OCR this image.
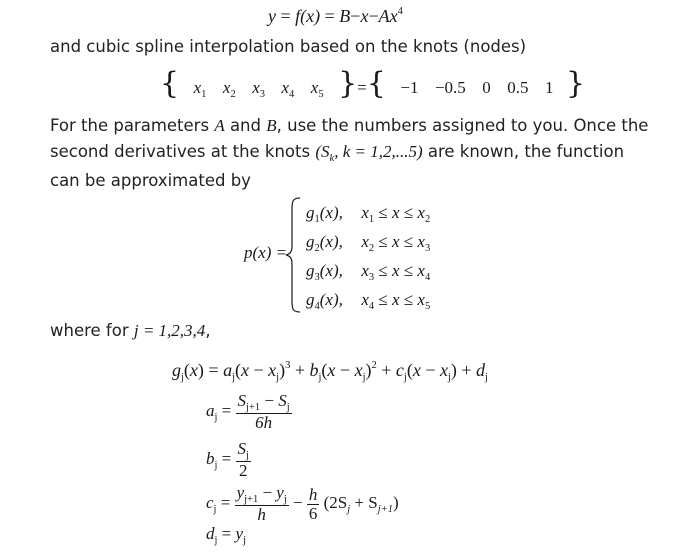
$y = f(x) = B-x-Ax^4$
and cubic spline interpolation based on the knots (nodes)
{ $x_1$ $x_2$ $x_3$ $x_4$ $x_5$ }={ −1 −0.5 0 0.5 1 }
For the parameters A and B, use the numbers assigned to you. Once the
second derivatives at the knots ($S_k$, k = 1,2,...5) are known, the function
can be approximated by
p(x) =
$g_1(x)$, $x_1 \le x \le x_2$
$g_2(x)$, $x_2 \le x \le x_3$
$g_3(x)$, $x_3 \le x \le x_4$
$g_4(x)$, $x_4 \le x \le x_5$
where for j = 1,2,3,4,
$g_j(x) = a_j(x - x_j)^3 + b_j(x - x_j)^2 + c_j(x - x_j) + d_j$
$a_j = \frac{S_{j+1} - S_j}{6h}$
$b_j = \frac{S_j}{2}$
$c_j = \frac{y_{j+1} - y_j}{h} - \frac{h}{6} (2S_j + S_{j+1})$
$d_j = y_j$
